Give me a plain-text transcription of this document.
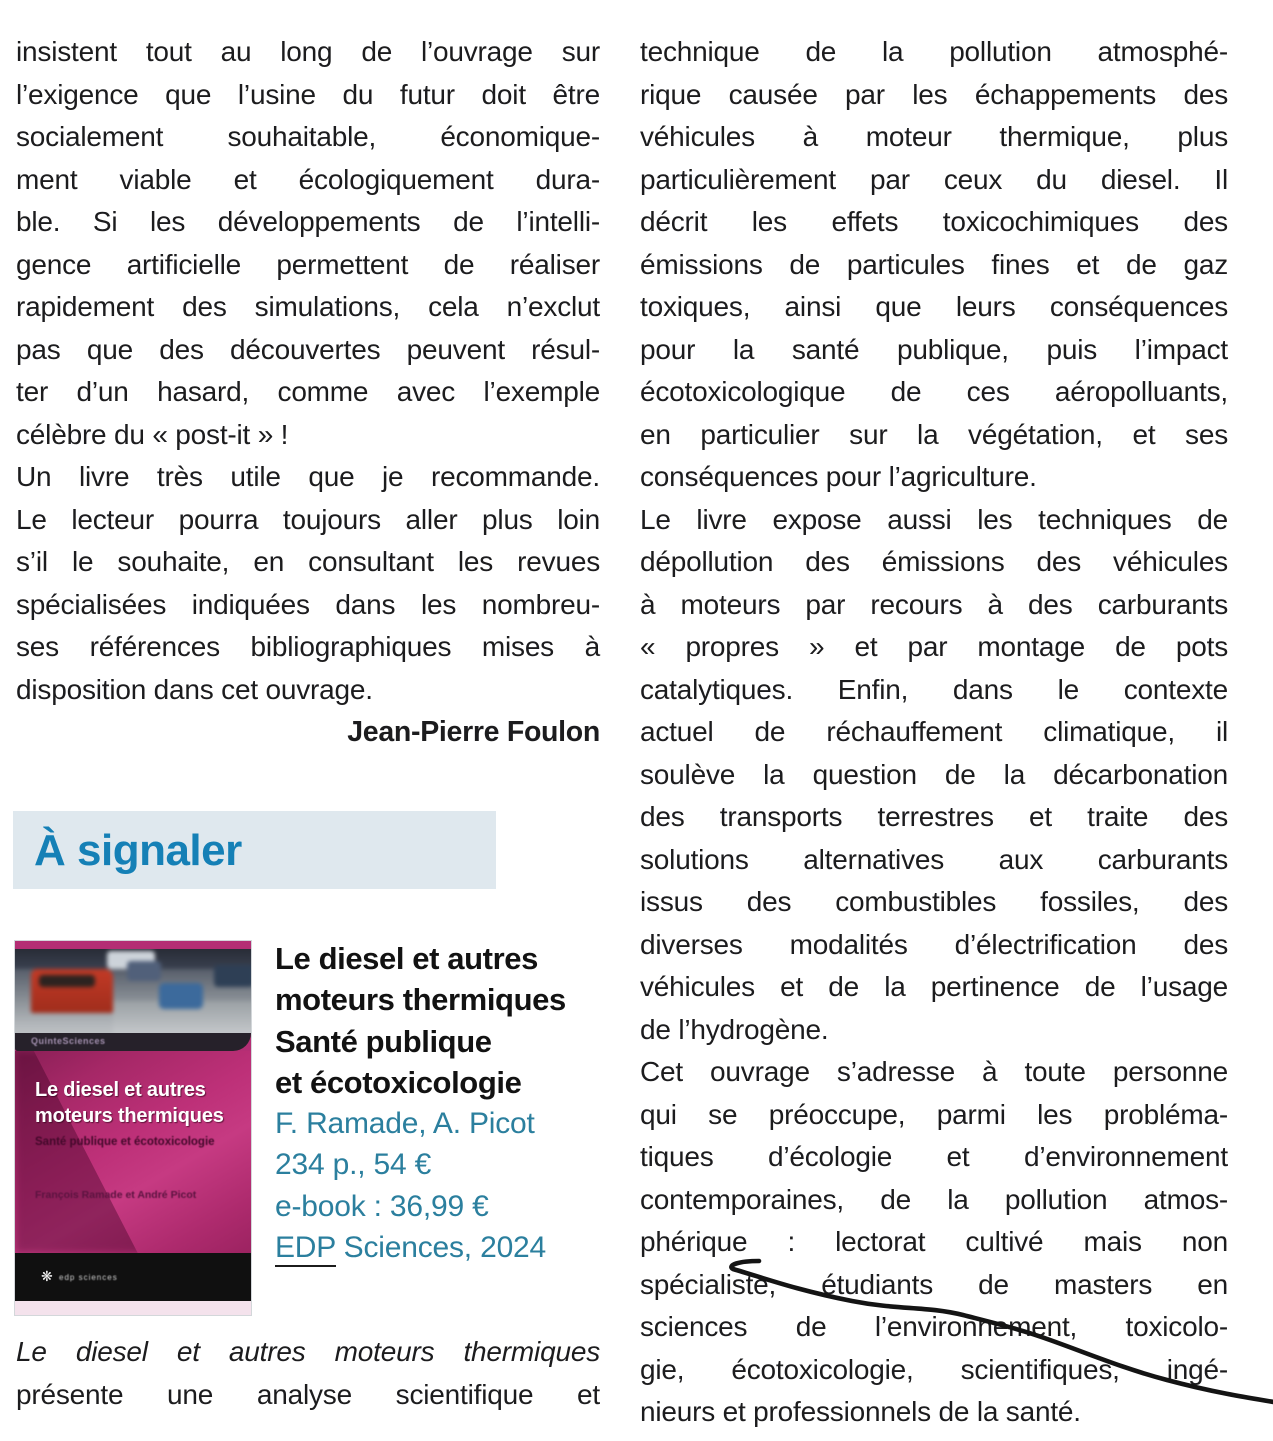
insistent tout au long de l’ouvrage sur
l’exigence que l’usine du futur doit être
socialement souhaitable, économique-
ment viable et écologiquement dura-
ble. Si les développements de l’intelli-
gence artificielle permettent de réaliser
rapidement des simulations, cela n’exclut
pas que des découvertes peuvent résul-
ter d’un hasard, comme avec l’exemple
célèbre du « post-it » !
Un livre très utile que je recommande.
Le lecteur pourra toujours aller plus loin
s’il le souhaite, en consultant les revues
spécialisées indiquées dans les nombreu-
ses références bibliographiques mises à
disposition dans cet ouvrage.
Jean-Pierre Foulon
À signaler
QuinteSciences
Le diesel et autres moteurs thermiques
Santé publique et écotoxicologie
François Ramade et André Picot
❋ edp sciences
Le diesel et autres
moteurs thermiques
Santé publique
et écotoxicologie
F. Ramade, A. Picot
234 p., 54 €
e-book : 36,99 €
EDP Sciences, 2024
Le diesel et autres moteurs thermiques
présente une analyse scientifique et
technique de la pollution atmosphé-
rique causée par les échappements des
véhicules à moteur thermique, plus
particulièrement par ceux du diesel. Il
décrit les effets toxicochimiques des
émissions de particules fines et de gaz
toxiques, ainsi que leurs conséquences
pour la santé publique, puis l’impact
écotoxicologique de ces aéropolluants,
en particulier sur la végétation, et ses
conséquences pour l’agriculture.
Le livre expose aussi les techniques de
dépollution des émissions des véhicules
à moteurs par recours à des carburants
« propres » et par montage de pots
catalytiques. Enfin, dans le contexte
actuel de réchauffement climatique, il
soulève la question de la décarbonation
des transports terrestres et traite des
solutions alternatives aux carburants
issus des combustibles fossiles, des
diverses modalités d’électrification des
véhicules et de la pertinence de l’usage
de l’hydrogène.
Cet ouvrage s’adresse à toute personne
qui se préoccupe, parmi les probléma-
tiques d’écologie et d’environnement
contemporaines, de la pollution atmos-
phérique : lectorat cultivé mais non
spécialiste, étudiants de masters en
sciences de l’environnement, toxicolo-
gie, écotoxicologie, scientifiques, ingé-
nieurs et professionnels de la santé.
